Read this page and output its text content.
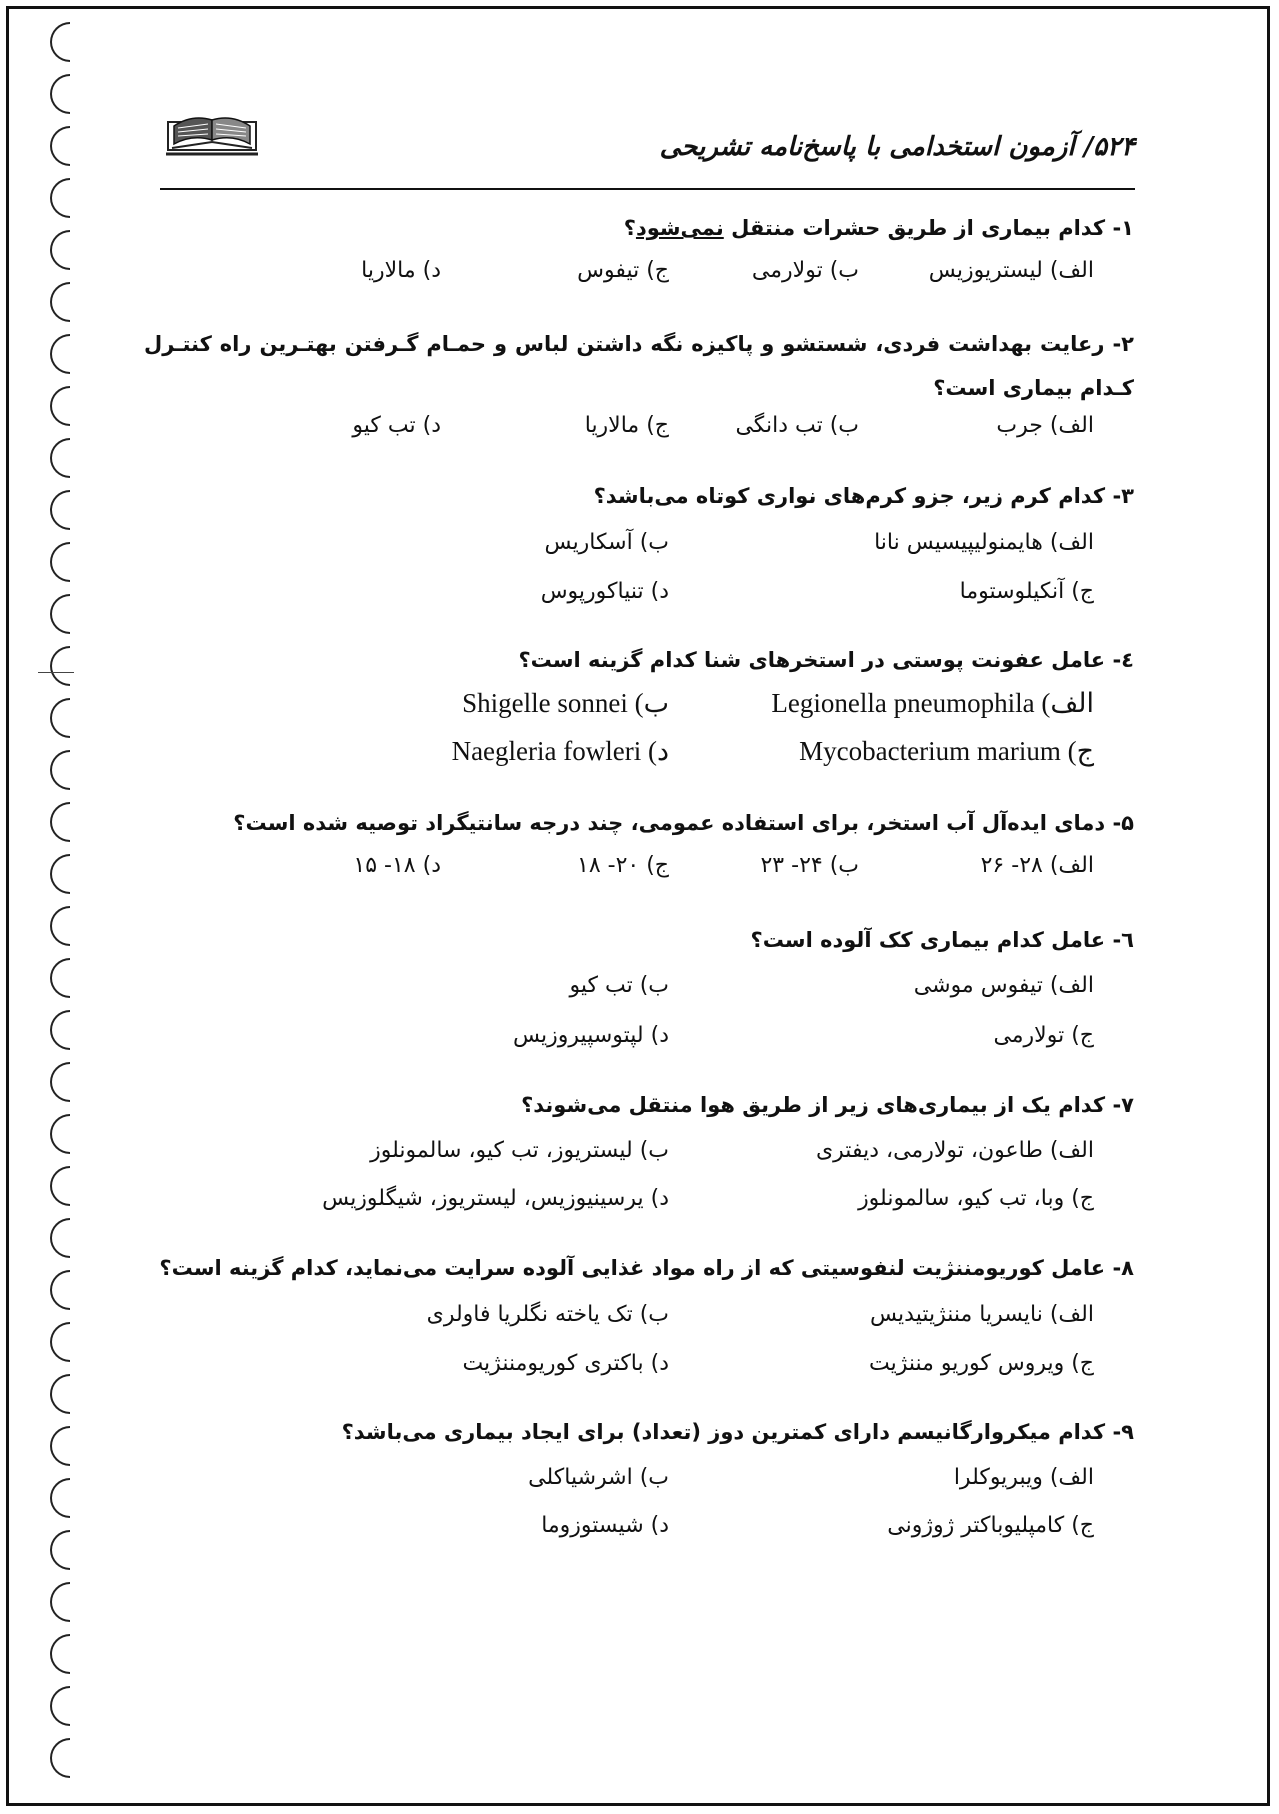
۵۲۴/ آزمون استخدامی با پاسخ‌نامه تشریحی
۱- کدام بیماری از طریق حشرات منتقل نمی‌شود؟
الف) لیستریوزیس
ب) تولارمی
ج) تیفوس
د) مالاریا
۲- رعایت بهداشت فردی، شستشو و پاکیزه نگه داشتن لباس و حمـام گـرفتن بهتـرین راه کنتـرل کـدام بیماری است؟
الف) جرب
ب) تب دانگی
ج) مالاریا
د) تب کیو
۳- کدام کرم زیر، جزو کرم‌های نواری کوتاه می‌باشد؟
الف) هایمنولیپیسیس نانا
ب) آسکاریس
ج) آنکیلوستوما
د) تنیاکورپوس
٤- عامل عفونت پوستی در استخرهای شنا کدام گزینه است؟
الف) Legionella pneumophila
ب) Shigelle sonnei
ج) Mycobacterium marium
د) Naegleria fowleri
۵- دمای ایده‌آل آب استخر، برای استفاده عمومی، چند درجه سانتیگراد توصیه شده است؟
الف) ۲۸- ۲۶
ب) ۲۴- ۲۳
ج) ۲۰- ۱۸
د) ۱۸- ۱۵
٦- عامل کدام بیماری کک آلوده است؟
الف) تیفوس موشی
ب) تب کیو
ج) تولارمی
د) لپتوسپیروزیس
۷- کدام یک از بیماری‌های زیر از طریق هوا منتقل می‌شوند؟
الف) طاعون، تولارمی، دیفتری
ب) لیستریوز، تب کیو، سالمونلوز
ج) وبا، تب کیو، سالمونلوز
د) یرسینیوزیس، لیستریوز، شیگلوزیس
۸- عامل کوریومننژیت لنفوسیتی که از راه مواد غذایی آلوده سرایت می‌نماید، کدام گزینه است؟
الف) نایسریا مننژیتیدیس
ب) تک یاخته نگلریا فاولری
ج) ویروس کوریو مننژیت
د) باکتری کوریومننژیت
۹- کدام میکروارگانیسم دارای کمترین دوز (تعداد) برای ایجاد بیماری می‌باشد؟
الف) ویبریوکلرا
ب) اشرشیاکلی
ج) کامپلیوباکتر ژوژونی
د) شیستوزوما
